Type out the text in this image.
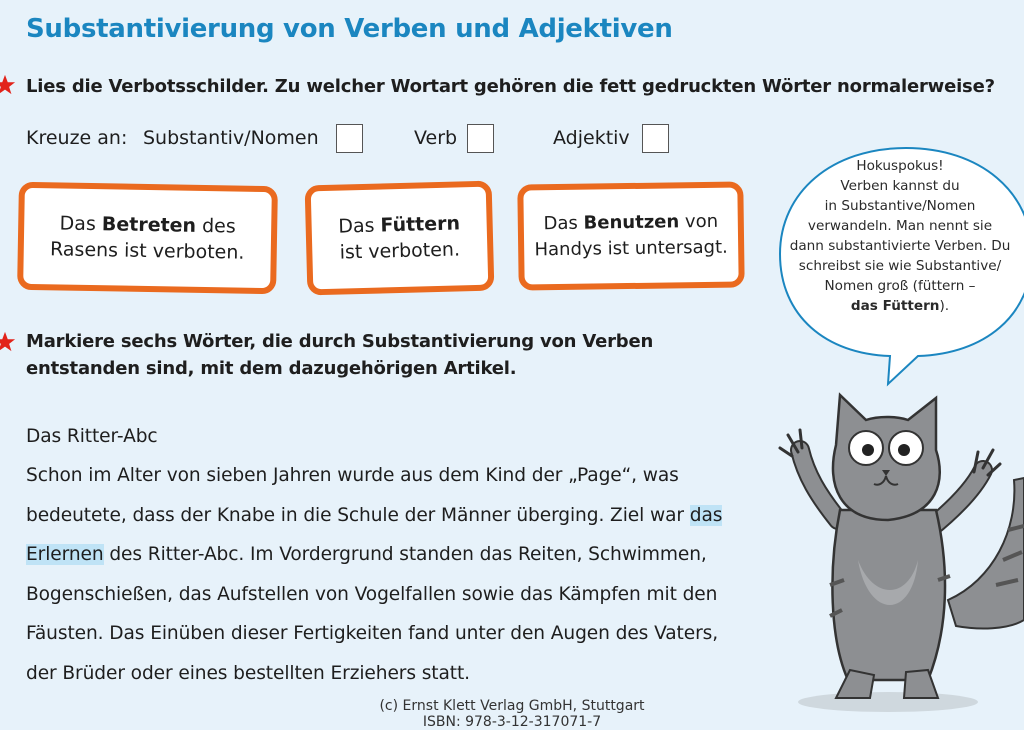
Substantivierung von Verben und Adjektiven
Lies die Verbotsschilder. Zu welcher Wortart gehören die fett gedruckten Wörter normalerweise?
Kreuze an: Substantiv/Nomen	Verb	Adjektiv
Das Betreten des
Rasens ist verboten.
Das Füttern
ist verboten.
Das Benutzen von
Handys ist untersagt.
Markiere sechs Wörter, die durch Substantivierung von Verben
entstanden sind, mit dem dazugehörigen Artikel.
Das Ritter-Abc
Schon im Alter von sieben Jahren wurde aus dem Kind der „Page“, was
bedeutete, dass der Knabe in die Schule der Männer überging. Ziel war das
Erlernen des Ritter-Abc. Im Vordergrund standen das Reiten, Schwimmen,
Bogenschießen, das Aufstellen von Vogelfallen sowie das Kämpfen mit den
Fäusten. Das Einüben dieser Fertigkeiten fand unter den Augen des Vaters,
der Brüder oder eines bestellten Erziehers statt.
Hokuspokus!
Verben kannst du
in Substantive/Nomen
verwandeln. Man nennt sie
dann substantivierte Verben. Du
schreibst sie wie Substantive/
Nomen groß (füttern –
das Füttern).
(c) Ernst Klett Verlag GmbH, Stuttgart
ISBN: 978-3-12-317071-7
